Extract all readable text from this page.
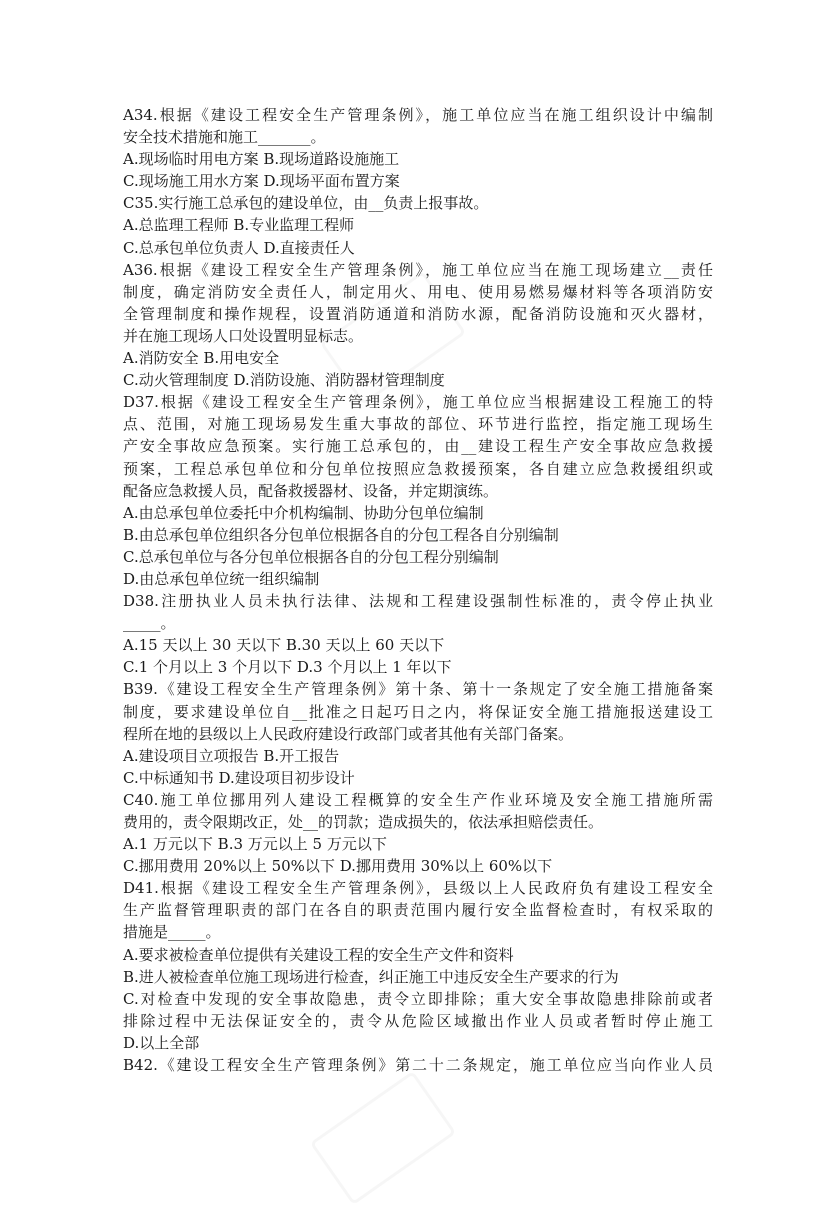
A34.根据《建设工程安全生产管理条例》，施工单位应当在施工组织设计中编制
安全技术措施和施工_______。
A.现场临时用电方案 B.现场道路设施施工
C.现场施工用水方案 D.现场平面布置方案
C35.实行施工总承包的建设单位，由__负责上报事故。
A.总监理工程师 B.专业监理工程师
C.总承包单位负责人 D.直接责任人
A36.根据《建设工程安全生产管理条例》，施工单位应当在施工现场建立__责任
制度，确定消防安全责任人，制定用火、用电、使用易燃易爆材料等各项消防安
全管理制度和操作规程，设置消防通道和消防水源，配备消防设施和灭火器材，
并在施工现场人口处设置明显标志。
A.消防安全 B.用电安全
C.动火管理制度 D.消防设施、消防器材管理制度
D37.根据《建设工程安全生产管理条例》，施工单位应当根据建设工程施工的特
点、范围，对施工现场易发生重大事故的部位、环节进行监控，指定施工现场生
产安全事故应急预案。实行施工总承包的，由__建设工程生产安全事故应急救援
预案，工程总承包单位和分包单位按照应急救援预案，各自建立应急救援组织或
配备应急救援人员，配备救援器材、设备，并定期演练。
A.由总承包单位委托中介机构编制、协助分包单位编制
B.由总承包单位组织各分包单位根据各自的分包工程各自分别编制
C.总承包单位与各分包单位根据各自的分包工程分别编制
D.由总承包单位统一组织编制
D38.注册执业人员未执行法律、法规和工程建设强制性标准的，责令停止执业
_____。
A.15 天以上 30 天以下 B.30 天以上 60 天以下
C.1 个月以上 3 个月以下 D.3 个月以上 1 年以下
B39.《建设工程安全生产管理条例》第十条、第十一条规定了安全施工措施备案
制度，要求建设单位自__批准之日起巧日之内，将保证安全施工措施报送建设工
程所在地的县级以上人民政府建设行政部门或者其他有关部门备案。
A.建设项目立项报告 B.开工报告
C.中标通知书 D.建设项目初步设计
C40.施工单位挪用列人建设工程概算的安全生产作业环境及安全施工措施所需
费用的，责令限期改正，处__的罚款；造成损失的，依法承担赔偿责任。
A.1 万元以下 B.3 万元以上 5 万元以下
C.挪用费用 20%以上 50%以下 D.挪用费用 30%以上 60%以下
D41.根据《建设工程安全生产管理条例》，县级以上人民政府负有建设工程安全
生产监督管理职责的部门在各自的职责范围内履行安全监督检查时，有权采取的
措施是_____。
A.要求被检查单位提供有关建设工程的安全生产文件和资料
B.进人被检查单位施工现场进行检查，纠正施工中违反安全生产要求的行为
C.对检查中发现的安全事故隐患，责令立即排除；重大安全事故隐患排除前或者
排除过程中无法保证安全的，责令从危险区域撤出作业人员或者暂时停止施工
D.以上全部
B42.《建设工程安全生产管理条例》第二十二条规定，施工单位应当向作业人员
